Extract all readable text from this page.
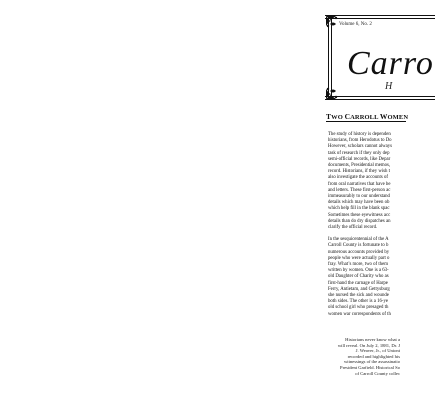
Volume 6, No. 2
Carro
H
TWO CARROLL WOMEN

The study of history is dependen
historians, from Herodotus to Do
However, scholars cannot always
task of research if they only dep
semi-official records, like Depar
documents, Presidential memos,
record. Historians, if they wish t
also investigate the accounts of
from oral narratives that have be
and letters. These first-person ac
immeasurably to our understand
details which may have been ob
which help fill in the blank spac
Sometimes these eyewitness acc
details than do dry dispatches an
clarify the official record.

In the sesquicentennial of the A
Carroll County is fortunate to b
numerous accounts provided by
people who were actually part o
fray. What’s more, two of them
written by women. One is a 63-
old Daughter of Charity who as
first-hand the carnage of Harpe
Ferry, Antietam, and Gettysburg
she nursed the sick and wounde
both sides. The other is a 16-ye
old school girl who presaged th
women war correspondents of th

Historians never know what a
will reveal. On July 2, 1881, Dr. J
J. Weaver, Jr., of Uniont
recorded and highlighted his
witnessings of the assassinatio
President Garfield. Historical So
of Carroll County collec
